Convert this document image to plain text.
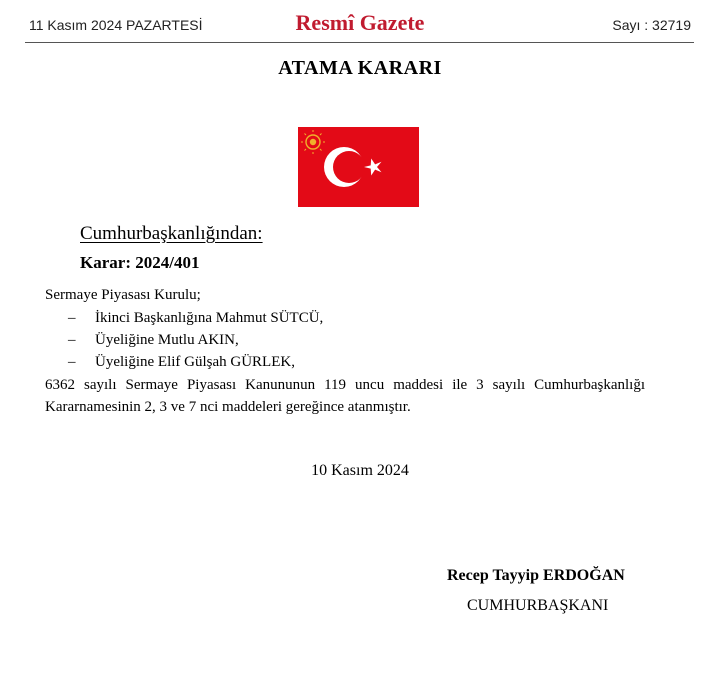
11 Kasım 2024 PAZARTESİ	Resmî Gazete	Sayı : 32719
ATAMA KARARI
Cumhurbaşkanlığından:
Karar: 2024/401
Sermaye Piyasası Kurulu;
– İkinci Başkanlığına Mahmut SÜTCÜ,
– Üyeliğine Mutlu AKIN,
– Üyeliğine Elif Gülşah GÜRLEK,
6362 sayılı Sermaye Piyasası Kanununun 119 uncu maddesi ile 3 sayılı Cumhurbaşkanlığı
Kararnamesinin 2, 3 ve 7 nci maddeleri gereğince atanmıştır.
10 Kasım 2024
Recep Tayyip ERDOĞAN
CUMHURBAŞKANI
